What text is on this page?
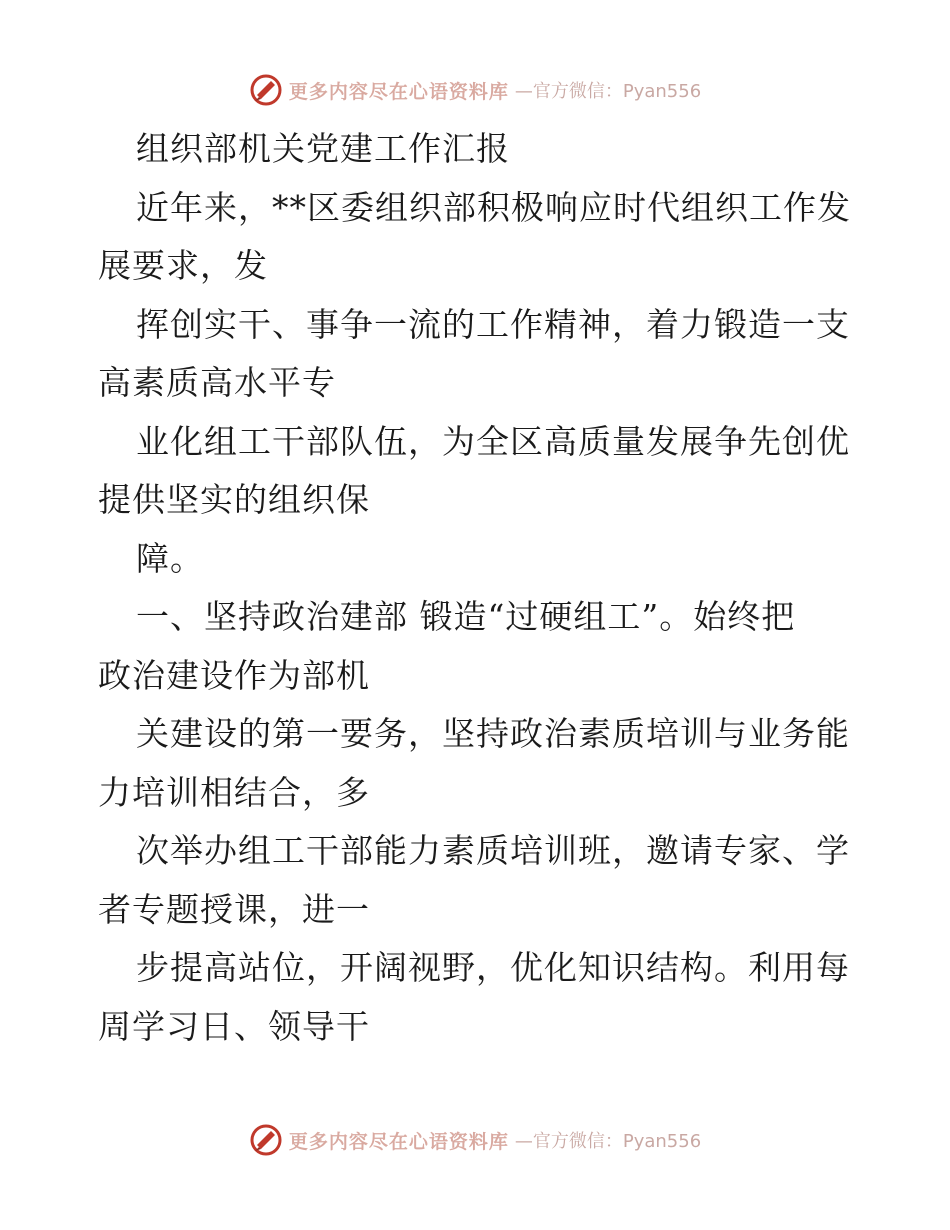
更多内容尽在心语资料库 —官方微信：Pyan556

组织部机关党建工作汇报

近年来，**区委组织部积极响应时代组织工作发

展要求，发

挥创实干、事争一流的工作精神，着力锻造一支

高素质高水平专

业化组工干部队伍，为全区高质量发展争先创优

提供坚实的组织保

障。

一、坚持政治建部 锻造“过硬组工”。始终把

政治建设作为部机

关建设的第一要务，坚持政治素质培训与业务能

力培训相结合，多

次举办组工干部能力素质培训班，邀请专家、学

者专题授课，进一

步提高站位，开阔视野，优化知识结构。利用每

周学习日、领导干

更多内容尽在心语资料库 —官方微信：Pyan556
